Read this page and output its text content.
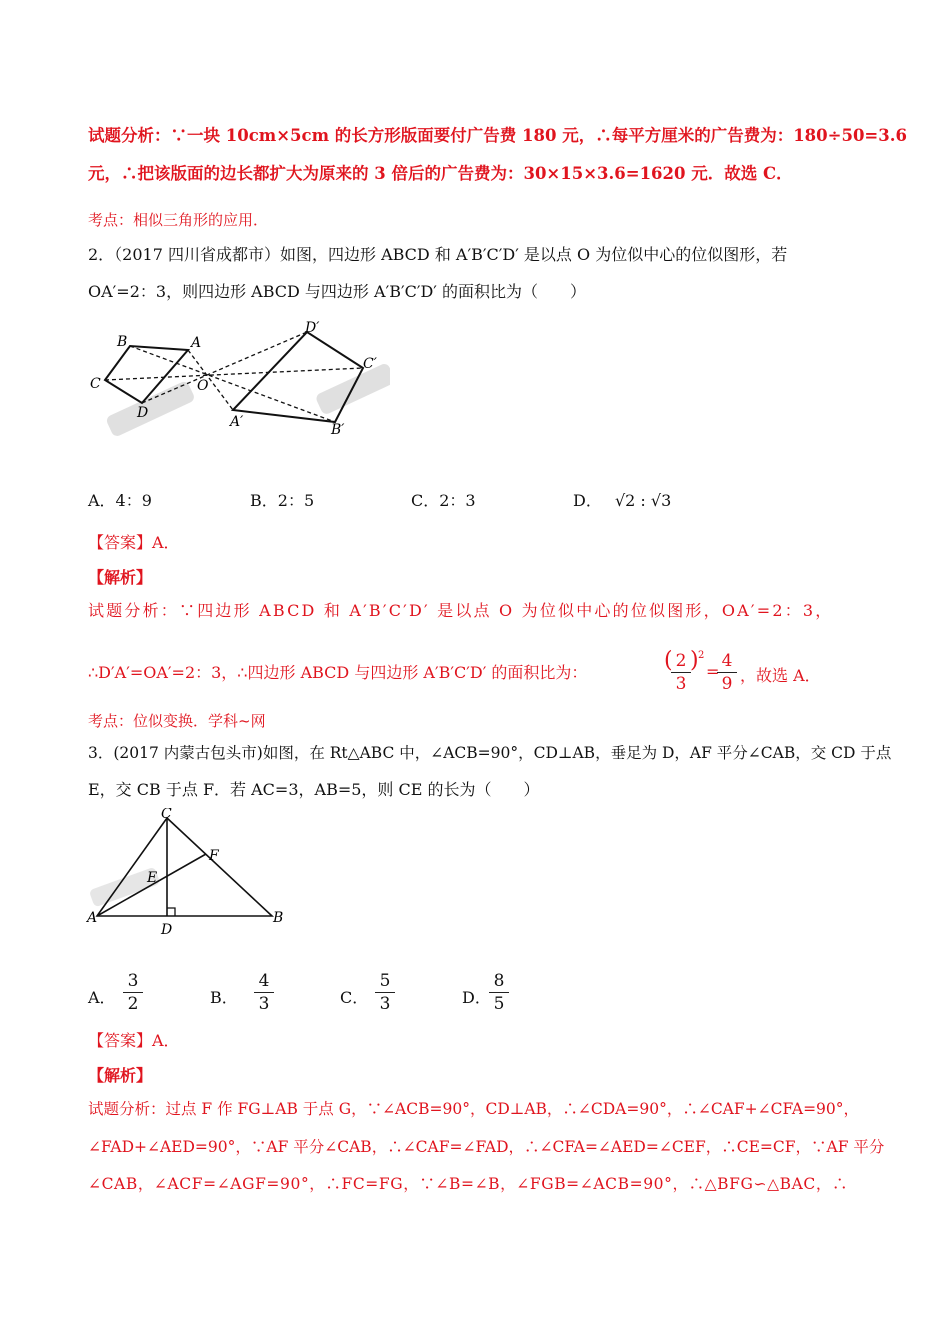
试题分析：∵一块 10cm×5cm 的长方形版面要付广告费 180 元，∴每平方厘米的广告费为：180÷50=3.6
元，∴把该版面的边长都扩大为原来的 3 倍后的广告费为：30×15×3.6=1620 元．故选 C．
考点：相似三角形的应用．
2．（2017 四川省成都市）如图，四边形 ABCD 和 A′B′C′D′ 是以点 O 为位似中心的位似图形，若
OA′=2：3，则四边形 ABCD 与四边形 A′B′C′D′ 的面积比为（　　）
B	A
C
D
O
D′
C′
A′	B′
A．4：9	B．2：5	C．2：3	D． √2 : √3
【答案】A．
【解析】
试题分析：∵四边形 ABCD 和 A′B′C′D′ 是以点 O 为位似中心的位似图形，OA′=2：3，
∴D′A′=OA′=2：3，∴四边形 ABCD 与四边形 A′B′C′D′ 的面积比为：	(
$\frac{2}{3}$ ) 2
=
$\frac{4}{9}$ ，故选 A．
考点：位似变换．学科~网
3．(2017 内蒙古包头市)如图，在 Rt△ABC 中，∠ACB=90°，CD⊥AB，垂足为 D，AF 平分∠CAB，交 CD 于点
E，交 CB 于点 F．若 AC=3，AB=5，则 CE 的长为（　　）
C
F
E
A	B
D
A． $\frac{3}{2}$	B． $\frac{4}{3}$	C． $\frac{5}{3}$	D．
$\frac{8}{5}$
【答案】A．
【解析】
试题分析：过点 F 作 FG⊥AB 于点 G，∵∠ACB=90°，CD⊥AB，∴∠CDA=90°，∴∠CAF+∠CFA=90°，
∠FAD+∠AED=90°，∵AF 平分∠CAB，∴∠CAF=∠FAD，∴∠CFA=∠AED=∠CEF，∴CE=CF，∵AF 平分
∠CAB，∠ACF=∠AGF=90°，∴FC=FG，∵∠B=∠B，∠FGB=∠ACB=90°，∴△BFG∽△BAC，∴
